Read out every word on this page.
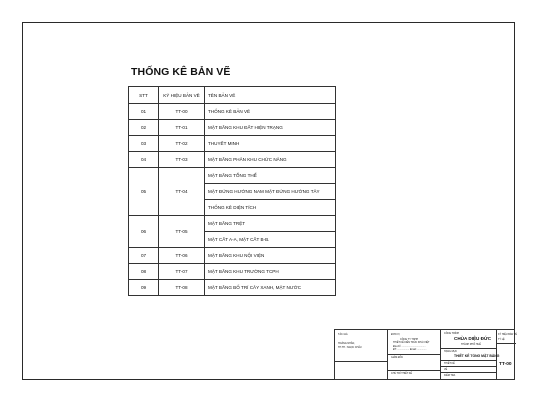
THỐNG KÊ BẢN VẼ
STT	KÝ HIỆU BẢN VẼ	TÊN BẢN VẼ
01	TT-00	THỐNG KÊ BẢN VẼ
02	TT-01	MẶT BẰNG KHU ĐẤT HIỆN TRẠNG
03	TT-02	THUYẾT MINH
04	TT-03	MẶT BẰNG PHÂN KHU CHỨC NĂNG
05	TT-04	MẶT BẰNG TỔNG THỂ
		MẶT ĐỨNG HƯỚNG NAM MẶT ĐỨNG HƯỚNG TÂY
		THỐNG KÊ DIỆN TÍCH
06	TT-05	MẶT BẰNG TRỆT
		MẶT CẮT A-A, MẶT CẮT B-B.
07	TT-06	MẶT BẰNG KHU NỘI VIỆN
08	TT-07	MẶT BẰNG KHU TRƯỜNG TCPH
09	TT-08	MẶT BẰNG BỐ TRÍ CÂY XANH, MẶT NƯỚC
TÁC GIẢ
HOÀNG NHÂN,
TH.TH.: NGỌC CHÂU
ĐƠN VỊ
CÔNG TY TNHH
THIẾT KẾ KIẾN TRÚC KHẢI VIỆT
Địa chỉ: ....................................
ĐT: .................. Email: ..............
GIÁM ĐỐC
CHỦ TRÌ THIẾT KẾ
CÔNG TRÌNH
CHÙA DIỆU ĐỨC
THÀNH PHỐ HUẾ
HẠNG MỤC
THIẾT KẾ TỔNG MẶT BẰNG
THIẾT KẾ
VẼ
KIỂM TRA
KÝ HIỆU BẢN VẼ
TỶ LỆ
TT-00
